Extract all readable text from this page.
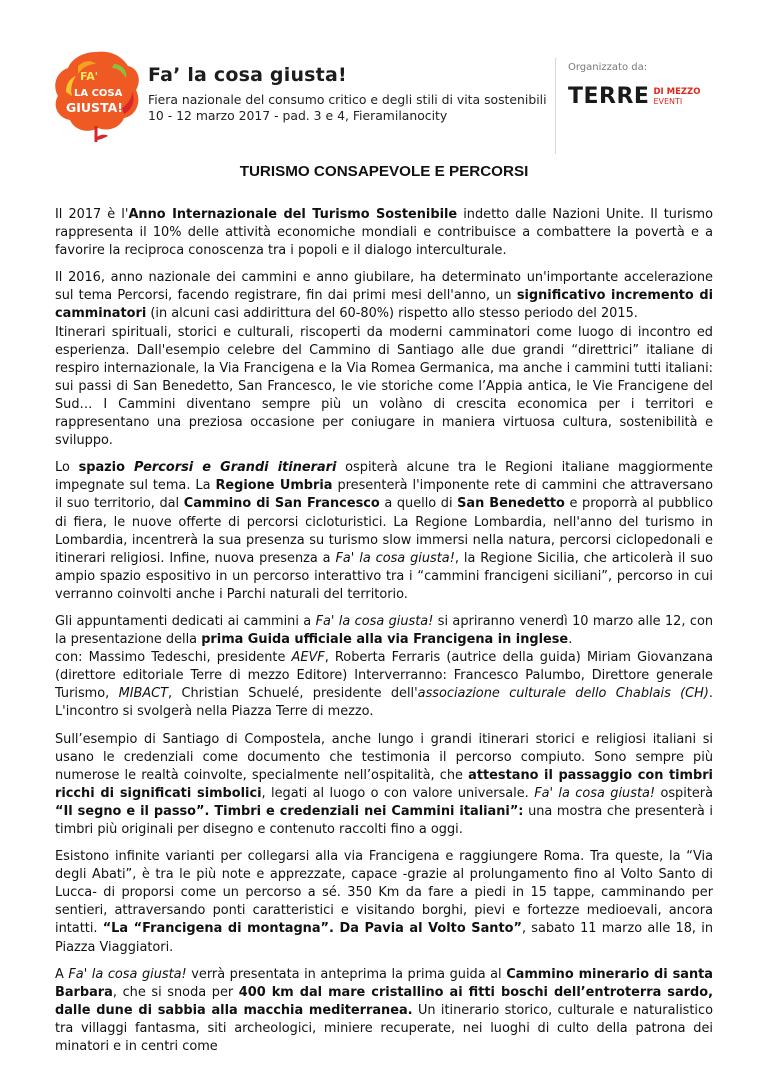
FA'
LA COSA
GIUSTA!

Fa’ la cosa giusta!

Fiera nazionale del consumo critico e degli stili di vita sostenibili

10 - 12 marzo 2017 - pad. 3 e 4, Fieramilanocity

Organizzato da:
TERRE DI MEZZO
EVENTI
TURISMO CONSAPEVOLE E PERCORSI

Il 2017 è l'Anno Internazionale del Turismo Sostenibile indetto dalle Nazioni Unite. Il turismo rappresenta il 10% delle attività economiche mondiali e contribuisce a combattere la povertà e a favorire la reciproca conoscenza tra i popoli e il dialogo interculturale.

Il 2016, anno nazionale dei cammini e anno giubilare, ha determinato un'importante accelerazione sul tema Percorsi, facendo registrare, fin dai primi mesi dell'anno, un significativo incremento di camminatori (in alcuni casi addirittura del 60-80%) rispetto allo stesso periodo del 2015.

Itinerari spirituali, storici e culturali, riscoperti da moderni camminatori come luogo di incontro ed esperienza. Dall'esempio celebre del Cammino di Santiago alle due grandi “direttrici” italiane di respiro internazionale, la Via Francigena e la Via Romea Germanica, ma anche i cammini tutti italiani: sui passi di San Benedetto, San Francesco, le vie storiche come l’Appia antica, le Vie Francigene del Sud… I Cammini diventano sempre più un volàno di crescita economica per i territori e rappresentano una preziosa occasione per coniugare in maniera virtuosa cultura, sostenibilità e sviluppo.

Lo spazio Percorsi e Grandi itinerari ospiterà alcune tra le Regioni italiane maggiormente impegnate sul tema. La Regione Umbria presenterà l'imponente rete di cammini che attraversano il suo territorio, dal Cammino di San Francesco a quello di San Benedetto e proporrà al pubblico di fiera, le nuove offerte di percorsi cicloturistici. La Regione Lombardia, nell'anno del turismo in Lombardia, incentrerà la sua presenza su turismo slow immersi nella natura, percorsi ciclopedonali e itinerari religiosi. Infine, nuova presenza a Fa' la cosa giusta!, la Regione Sicilia, che articolerà il suo ampio spazio espositivo in un percorso interattivo tra i “cammini francigeni siciliani”, percorso in cui verranno coinvolti anche i Parchi naturali del territorio.

Gli appuntamenti dedicati ai cammini a Fa' la cosa giusta! si apriranno venerdì 10 marzo alle 12, con la presentazione della prima Guida ufficiale alla via Francigena in inglese.

con: Massimo Tedeschi, presidente AEVF, Roberta Ferraris (autrice della guida) Miriam Giovanzana (direttore editoriale Terre di mezzo Editore) Interverranno: Francesco Palumbo, Direttore generale Turismo, MIBACT, Christian Schuelé, presidente dell'associazione culturale dello Chablais (CH). L'incontro si svolgerà nella Piazza Terre di mezzo.

Sull’esempio di Santiago di Compostela, anche lungo i grandi itinerari storici e religiosi italiani si usano le credenziali come documento che testimonia il percorso compiuto. Sono sempre più numerose le realtà coinvolte, specialmente nell’ospitalità, che attestano il passaggio con timbri ricchi di significati simbolici, legati al luogo o con valore universale. Fa' la cosa giusta! ospiterà “Il segno e il passo”. Timbri e credenziali nei Cammini italiani”: una mostra che presenterà i timbri più originali per disegno e contenuto raccolti fino a oggi.

Esistono infinite varianti per collegarsi alla via Francigena e raggiungere Roma. Tra queste, la “Via degli Abati”, è tra le più note e apprezzate, capace -grazie al prolungamento fino al Volto Santo di Lucca- di proporsi come un percorso a sé. 350 Km da fare a piedi in 15 tappe, camminando per sentieri, attraversando ponti caratteristici e visitando borghi, pievi e fortezze medioevali, ancora intatti. “La “Francigena di montagna”. Da Pavia al Volto Santo”, sabato 11 marzo alle 18, in Piazza Viaggiatori.

A Fa' la cosa giusta! verrà presentata in anteprima la prima guida al Cammino minerario di santa Barbara, che si snoda per 400 km dal mare cristallino ai fitti boschi dell’entroterra sardo, dalle dune di sabbia alla macchia mediterranea. Un itinerario storico, culturale e naturalistico tra villaggi fantasma, siti archeologici, miniere recuperate, nei luoghi di culto della patrona dei minatori e in centri come
